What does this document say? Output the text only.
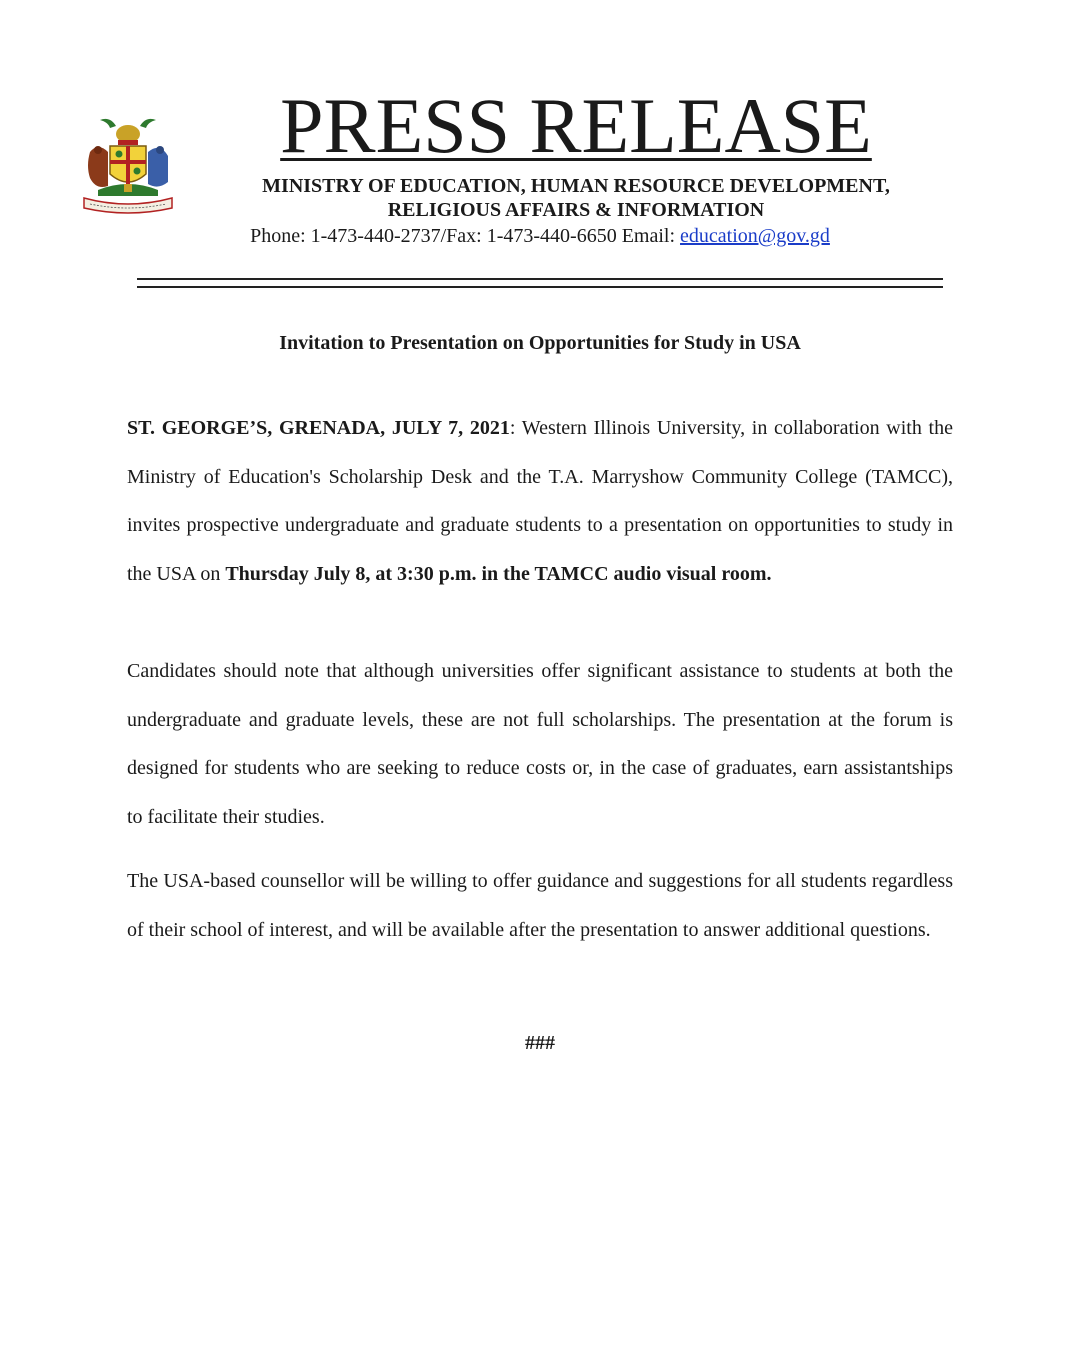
PRESS RELEASE
MINISTRY OF EDUCATION, HUMAN RESOURCE DEVELOPMENT,
RELIGIOUS AFFAIRS & INFORMATION
Phone: 1-473-440-2737/Fax: 1-473-440-6650 Email: education@gov.gd
Invitation to Presentation on Opportunities for Study in USA
ST. GEORGE’S, GRENADA, JULY 7, 2021: Western Illinois University, in collaboration with the Ministry of Education's Scholarship Desk and the T.A. Marryshow Community College (TAMCC), invites prospective undergraduate and graduate students to a presentation on opportunities to study in the USA on Thursday July 8, at 3:30 p.m. in the TAMCC audio visual room.
Candidates should note that although universities offer significant assistance to students at both the undergraduate and graduate levels, these are not full scholarships. The presentation at the forum is designed for students who are seeking to reduce costs or, in the case of graduates, earn assistantships to facilitate their studies.
The USA-based counsellor will be willing to offer guidance and suggestions for all students regardless of their school of interest, and will be available after the presentation to answer additional questions.
###
